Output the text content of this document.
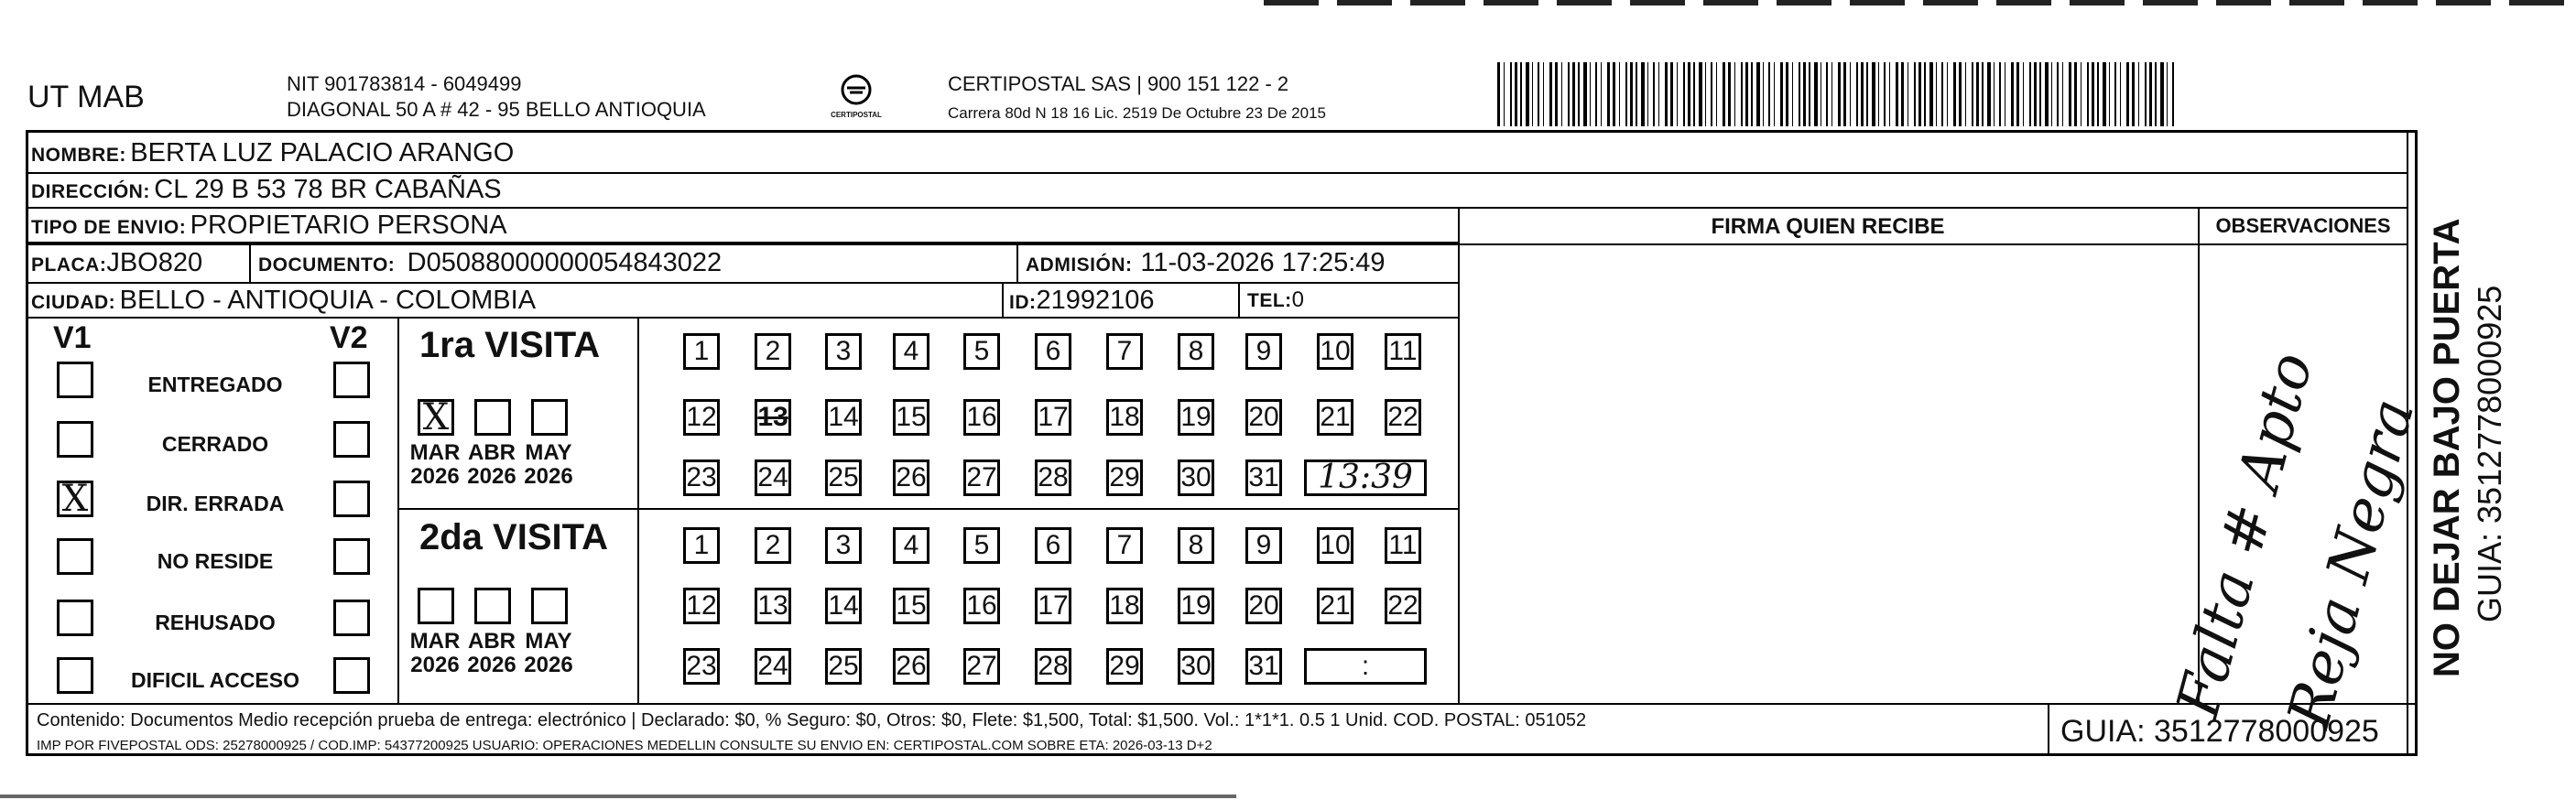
UT MAB	NIT 901783814 - 6049499
DIAGONAL 50 A # 42 - 95 BELLO ANTIOQUIA	CERTIPOSTAL
CERTIPOSTAL SAS | 900 151 122 - 2
Carrera 80d N 18 16 Lic. 2519 De Octubre 23 De 2015
NOMBRE: BERTA LUZ PALACIO ARANGO
DIRECCIÓN: CL 29 B 53 78 BR CABAÑAS
TIPO DE ENVIO: PROPIETARIO PERSONA
PLACA:JBO820	DOCUMENTO: D05088000000054843022	ADMISIÓN: 11-03-2026 17:25:49
CIUDAD: BELLO - ANTIOQUIA - COLOMBIA	ID:21992106	TEL:0
FIRMA QUIEN RECIBE	OBSERVACIONES
Falta # Apto Reja Negra
V1	V2
ENTREGADO
CERRADO
X	DIR. ERRADA
NO RESIDE
REHUSADO
DIFICIL ACCESO
1ra VISITA
2da VISITA
X
MAR
2026
ABR
2026
MAY
2026
1	2	3	4	5	6	7	8	9	10 11
12 13 14 15 16 17 18 19 20 21 22
23 24 25 26 27 28 29 30 31	13:39
MAR
2026
ABR
2026
MAY
2026
1	2	3	4	5	6	7	8	9	10 11
12 13 14 15 16 17 18 19 20 21 22
23 24 25 26 27 28 29 30 31	:
Contenido: Documentos Medio recepción prueba de entrega: electrónico | Declarado: $0, % Seguro: $0, Otros: $0, Flete: $1,500, Total: $1,500. Vol.: 1*1*1. 0.5 1 Unid. COD. POSTAL: 051052
IMP POR FIVEPOSTAL ODS: 25278000925 / COD.IMP: 54377200925 USUARIO: OPERACIONES MEDELLIN CONSULTE SU ENVIO EN: CERTIPOSTAL.COM SOBRE ETA: 2026-03-13 D+2	GUIA: 3512778000925
NO DEJAR BAJO PUERTA GUIA: 3512778000925
